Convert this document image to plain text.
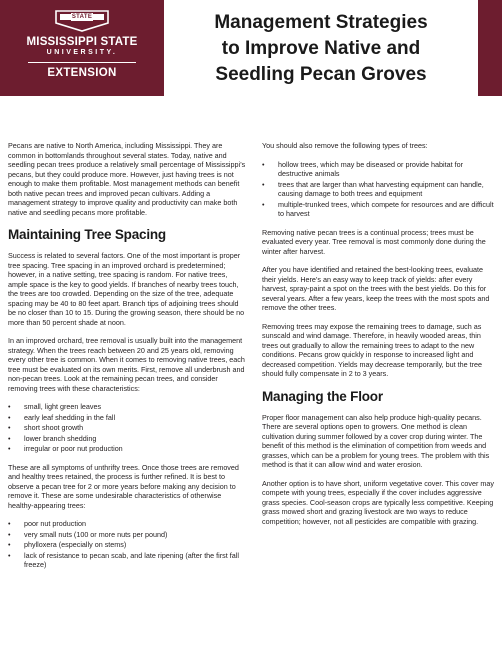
STATE
MISSISSIPPI STATE
UNIVERSITY.
EXTENSION
Management Strategies
to Improve Native and
Seedling Pecan Groves

Pecans are native to North America, including Mississippi. They are common in bottomlands throughout several states. Today, native and seedling pecan trees produce a relatively small percentage of Mississippi’s pecans, but they could produce more. However, just having trees is not enough to make them profitable. Most management methods can benefit both native pecan trees and improved pecan cultivars. Adding a management strategy to improve quality and productivity can make both native and seedling pecans more profitable.

Maintaining Tree Spacing

Success is related to several factors. One of the most important is proper tree spacing. Tree spacing in an improved orchard is predetermined; however, in a native setting, tree spacing is random. For native trees, ample space is the key to good yields. If branches of nearby trees touch, the trees are too crowded. Depending on the size of the tree, adequate spacing may be 40 to 80 feet apart. Branch tips of adjoining trees should be no closer than 10 to 15. During the growing season, there should be no more than 50 percent shade at noon.

In an improved orchard, tree removal is usually built into the management strategy. When the trees reach between 20 and 25 years old, removing every other tree is common. When it comes to removing native trees, each tree must be evaluated on its own merits. First, remove all underbrush and non-pecan trees. Look at the remaining pecan trees, and consider removing trees with these characteristics:

• small, light green leaves
• early leaf shedding in the fall
• short shoot growth
• lower branch shedding
• irregular or poor nut production

These are all symptoms of unthrifty trees. Once those trees are removed and healthy trees retained, the process is further refined. It is best to observe a pecan tree for 2 or more years before making any decision to remove it. These are some undesirable characteristics of otherwise healthy-appearing trees:

• poor nut production
• very small nuts (100 or more nuts per pound)
• phylloxera (especially on stems)
• lack of resistance to pecan scab, and late ripening (after the first fall freeze)

You should also remove the following types of trees:

• hollow trees, which may be diseased or provide habitat for destructive animals
• trees that are larger than what harvesting equipment can handle, causing damage to both trees and equipment
• multiple-trunked trees, which compete for resources and are difficult to harvest

Removing native pecan trees is a continual process; trees must be evaluated every year. Tree removal is most commonly done during the winter after harvest.

After you have identified and retained the best-looking trees, evaluate their yields. Here’s an easy way to keep track of yields: after every harvest, spray-paint a spot on the trees with the best yields. Do this for several years. After a few years, keep the trees with the most spots and remove the other trees.

Removing trees may expose the remaining trees to damage, such as sunscald and wind damage. Therefore, in heavily wooded areas, thin trees out gradually to allow the remaining trees to adapt to the new conditions. Pecans grow quickly in response to increased light and decreased competition. Yields may decrease temporarily, but the tree should fully compensate in 2 to 3 years.

Managing the Floor

Proper floor management can also help produce high-quality pecans. There are several options open to growers. One method is clean cultivation during summer followed by a cover crop during winter. The benefit of this method is the elimination of competition from weeds and grasses, which can be a problem for young trees. The problem with this method is that it can allow wind and water erosion.

Another option is to have short, uniform vegetative cover. This cover may compete with young trees, especially if the cover includes aggressive grass species. Cool-season crops are typically less competitive. Keeping grass mowed short and grazing livestock are two ways to reduce competition; however, not all pesticides are compatible with grazing.
